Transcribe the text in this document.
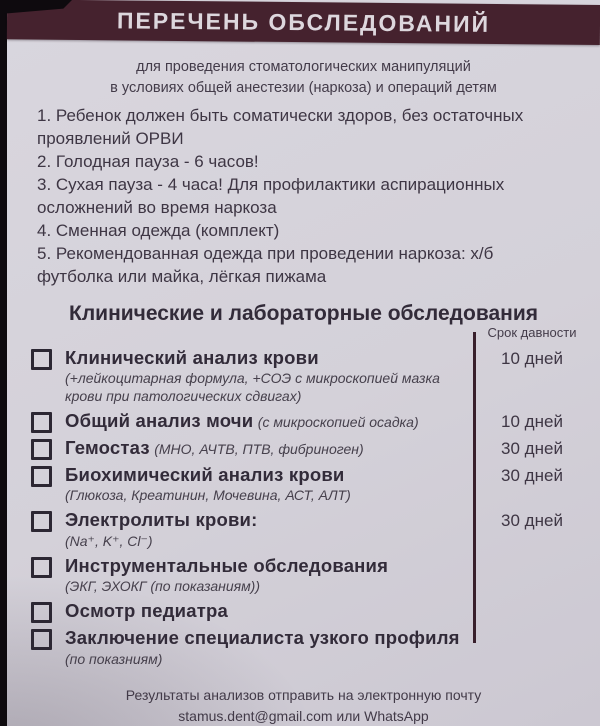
ПЕРЕЧЕНЬ ОБСЛЕДОВАНИЙ
для проведения стоматологических манипуляций
в условиях общей анестезии (наркоза) и операций детям
1. Ребенок должен быть соматически здоров, без остаточных проявлений ОРВИ
2. Голодная пауза - 6 часов!
3. Сухая пауза - 4 часа! Для профилактики аспирационных осложнений во время наркоза
4. Сменная одежда (комплект)
5. Рекомендованная одежда при проведении наркоза: х/б футболка или майка, лёгкая пижама
Клинические и лабораторные обследования
Срок давности
Клинический анализ крови
(+лейкоцитарная формула, +СОЭ с микроскопией мазка крови при патологических сдвигах)
10 дней
Общий анализ мочи (с микроскопией осадка)	10 дней
Гемостаз (МНО, АЧТВ, ПТВ, фибриноген)	30 дней
Биохимический анализ крови
(Глюкоза, Креатинин, Мочевина, АСТ, АЛТ)
30 дней
Электролиты крови:
(Na⁺, K⁺, Cl⁻)
30 дней
Инструментальные обследования
(ЭКГ, ЭХОКГ (по показаниям))
Осмотр педиатра
Заключение специалиста узкого профиля
(по показниям)
Результаты анализов отправить на электронную почту
stamus.dent@gmail.com или WhatsApp
